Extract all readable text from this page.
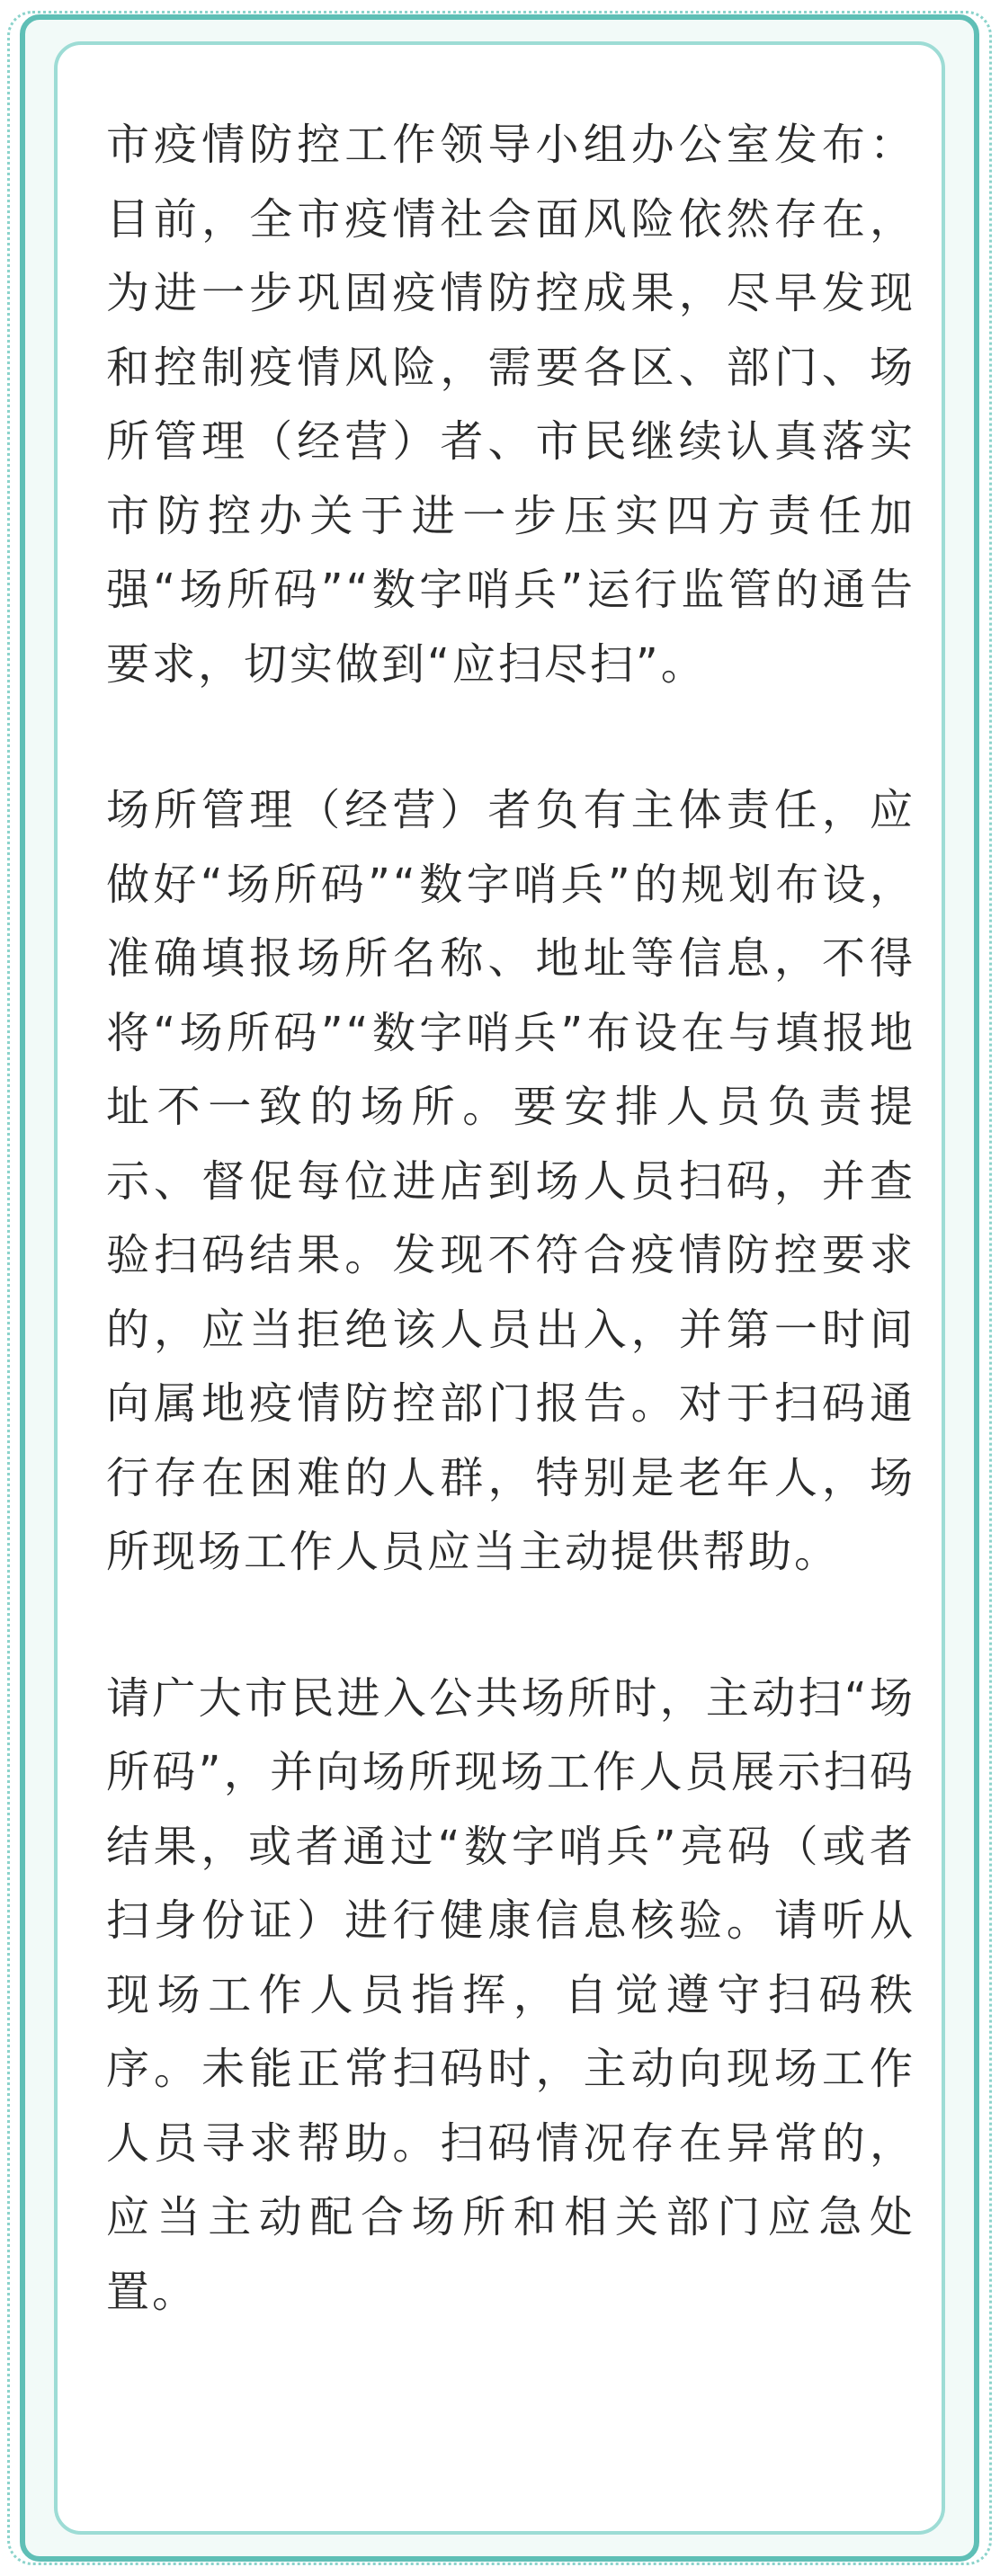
市疫情防控工作领导小组办公室发布：目前，全市疫情社会面风险依然存在，为进一步巩固疫情防控成果，尽早发现和控制疫情风险，需要各区、部门、场所管理（经营）者、市民继续认真落实市防控办关于进一步压实四方责任加强“场所码”“数字哨兵”运行监管的通告要求，切实做到“应扫尽扫”。

场所管理（经营）者负有主体责任，应做好“场所码”“数字哨兵”的规划布设，准确填报场所名称、地址等信息，不得将“场所码”“数字哨兵”布设在与填报地址不一致的场所。要安排人员负责提示、督促每位进店到场人员扫码，并查验扫码结果。发现不符合疫情防控要求的，应当拒绝该人员出入，并第一时间向属地疫情防控部门报告。对于扫码通行存在困难的人群，特别是老年人，场所现场工作人员应当主动提供帮助。

请广大市民进入公共场所时，主动扫“场所码”，并向场所现场工作人员展示扫码结果，或者通过“数字哨兵”亮码（或者扫身份证）进行健康信息核验。请听从现场工作人员指挥，自觉遵守扫码秩序。未能正常扫码时，主动向现场工作人员寻求帮助。扫码情况存在异常的，应当主动配合场所和相关部门应急处置。
